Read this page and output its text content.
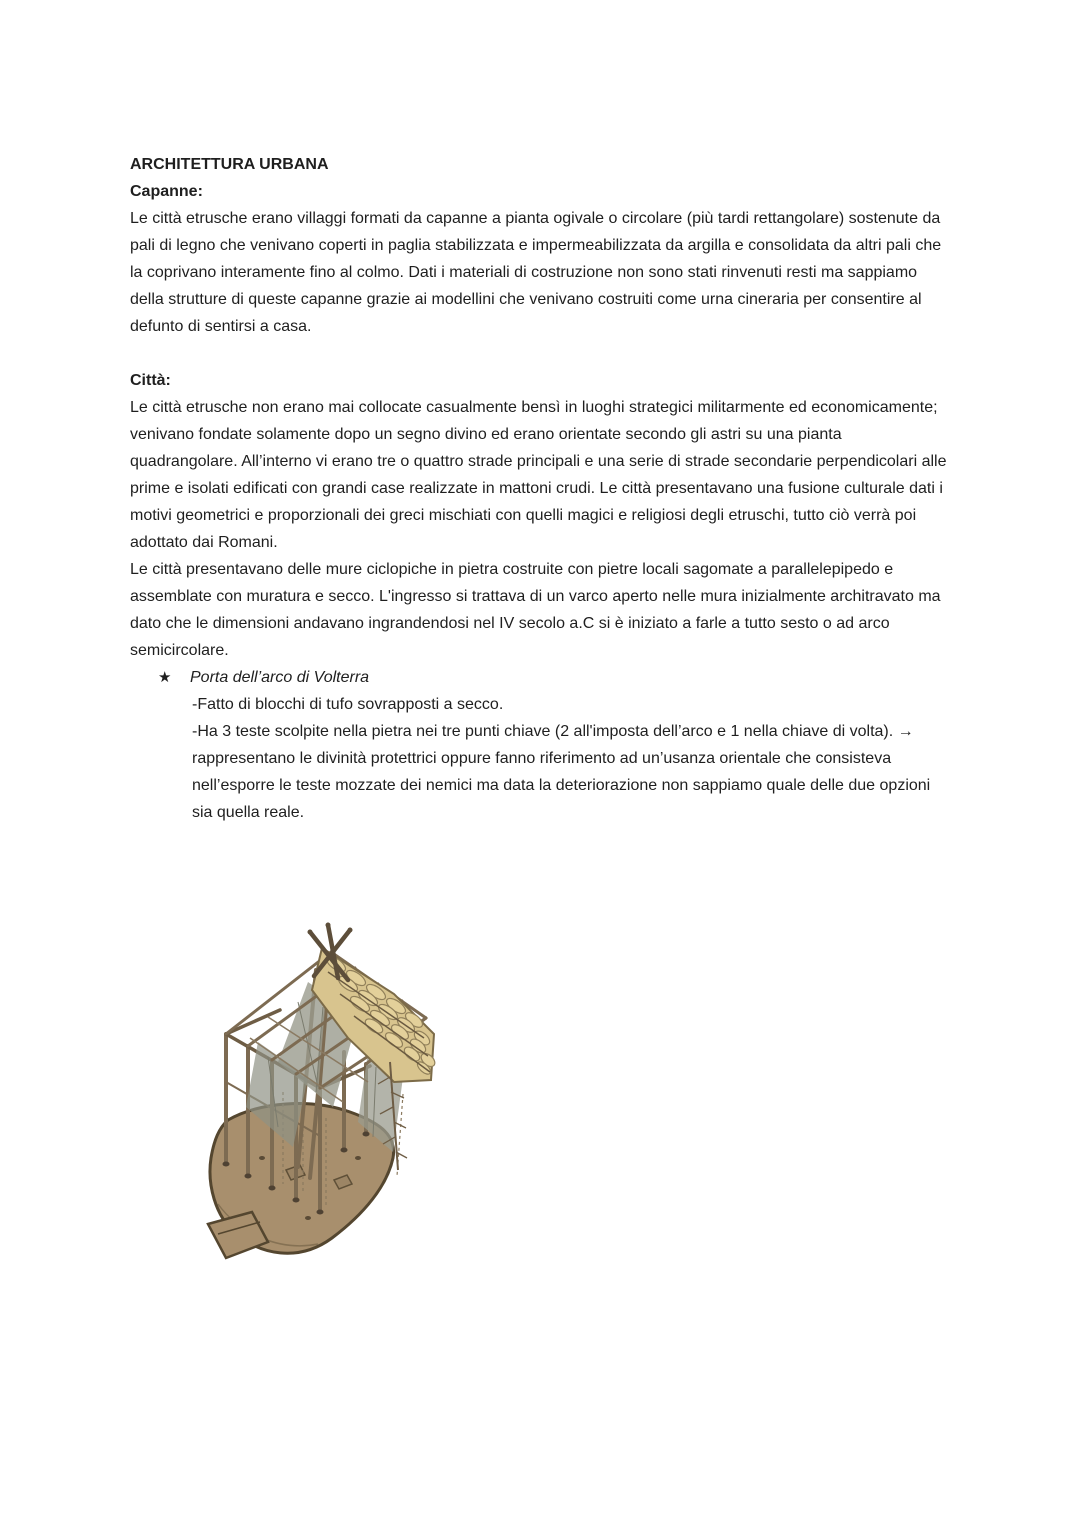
ARCHITETTURA URBANA
Capanne:

Le città etrusche erano villaggi formati da capanne a pianta ogivale o circolare (più tardi rettangolare) sostenute da pali di legno che venivano coperti in paglia stabilizzata e impermeabilizzata da argilla e consolidata da altri pali che la coprivano interamente fino al colmo. Dati i materiali di costruzione non sono stati rinvenuti resti ma sappiamo della strutture di queste capanne grazie ai modellini che venivano costruiti come urna cineraria per consentire al defunto di sentirsi a casa.

Città:

Le città etrusche non erano mai collocate casualmente bensì in luoghi strategici militarmente ed economicamente; venivano fondate solamente dopo un segno divino ed erano orientate secondo gli astri su una pianta quadrangolare. All’interno vi erano tre o quattro strade principali e una serie di strade secondarie perpendicolari alle prime e isolati edificati con grandi case realizzate in mattoni crudi. Le città presentavano una fusione culturale dati i motivi geometrici e proporzionali dei greci mischiati con quelli magici e religiosi degli etruschi, tutto ciò verrà poi adottato dai Romani.

Le città presentavano delle mure ciclopiche in pietra costruite con pietre locali sagomate a parallelepipedo e assemblate con muratura e secco. L'ingresso si trattava di un varco aperto nelle mura inizialmente architravato ma dato che le dimensioni andavano ingrandendosi nel IV secolo a.C si è iniziato a farle a tutto sesto o ad arco semicircolare.

★	Porta dell’arco di Volterra
-Fatto di blocchi di tufo sovrapposti a secco.
-Ha 3 teste scolpite nella pietra nei tre punti chiave (2 all'imposta dell’arco e 1 nella chiave di volta). → rappresentano le divinità protettrici oppure fanno riferimento ad un’usanza orientale che consisteva nell’esporre le teste mozzate dei nemici ma data la deteriorazione non sappiamo quale delle due opzioni sia quella reale.
